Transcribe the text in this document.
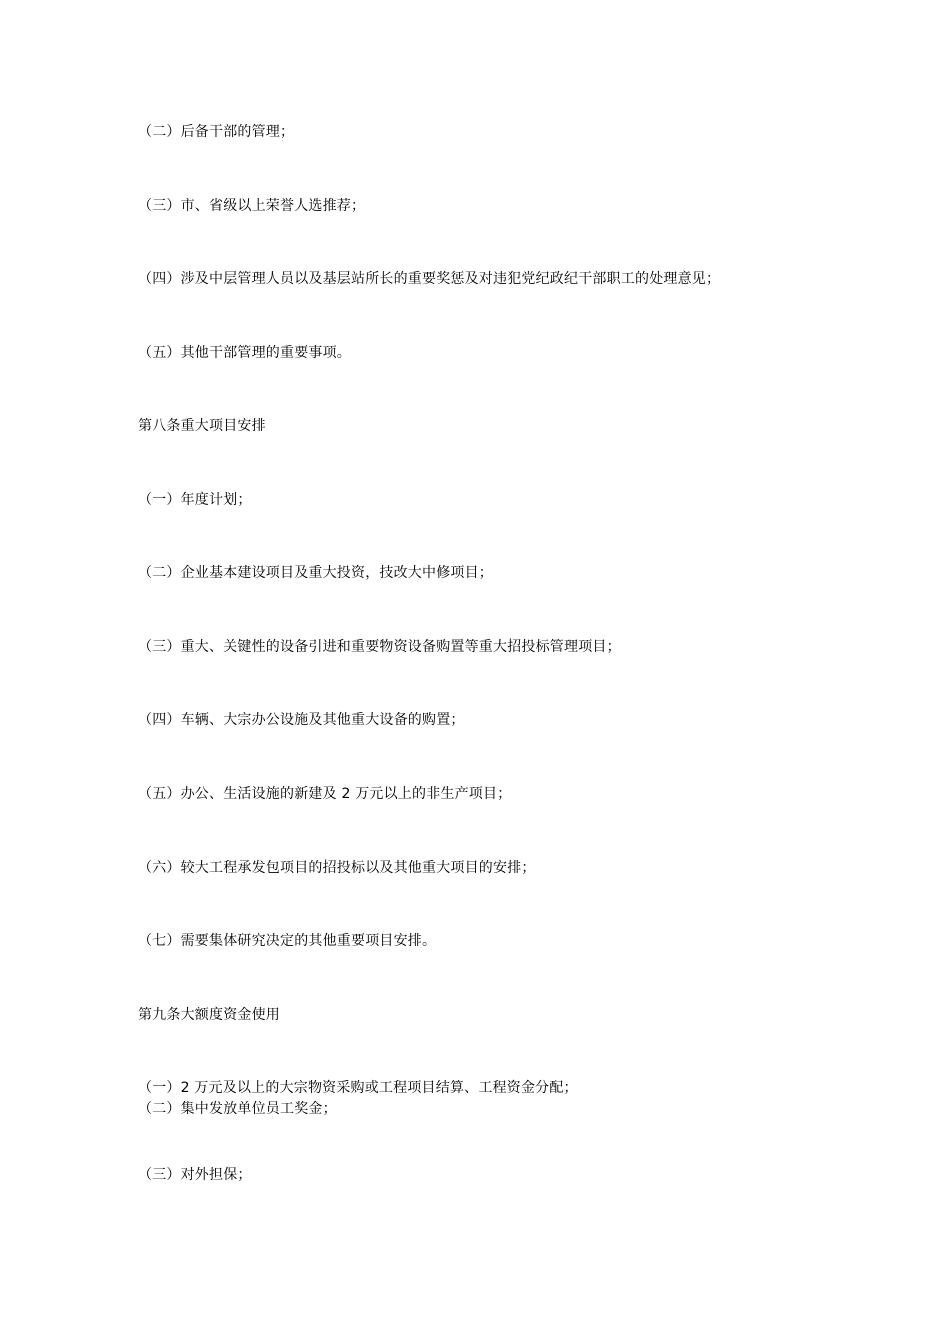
（二）后备干部的管理；
（三）市、省级以上荣誉人选推荐；
（四）涉及中层管理人员以及基层站所长的重要奖惩及对违犯党纪政纪干部职工的处理意见；
（五）其他干部管理的重要事项。
第八条重大项目安排
（一）年度计划；
（二）企业基本建设项目及重大投资，技改大中修项目；
（三）重大、关键性的设备引进和重要物资设备购置等重大招投标管理项目；
（四）车辆、大宗办公设施及其他重大设备的购置；
（五）办公、生活设施的新建及 2 万元以上的非生产项目；
（六）较大工程承发包项目的招投标以及其他重大项目的安排；
（七）需要集体研究决定的其他重要项目安排。
第九条大额度资金使用
（一）2 万元及以上的大宗物资采购或工程项目结算、工程资金分配；
（二）集中发放单位员工奖金；
（三）对外担保；
